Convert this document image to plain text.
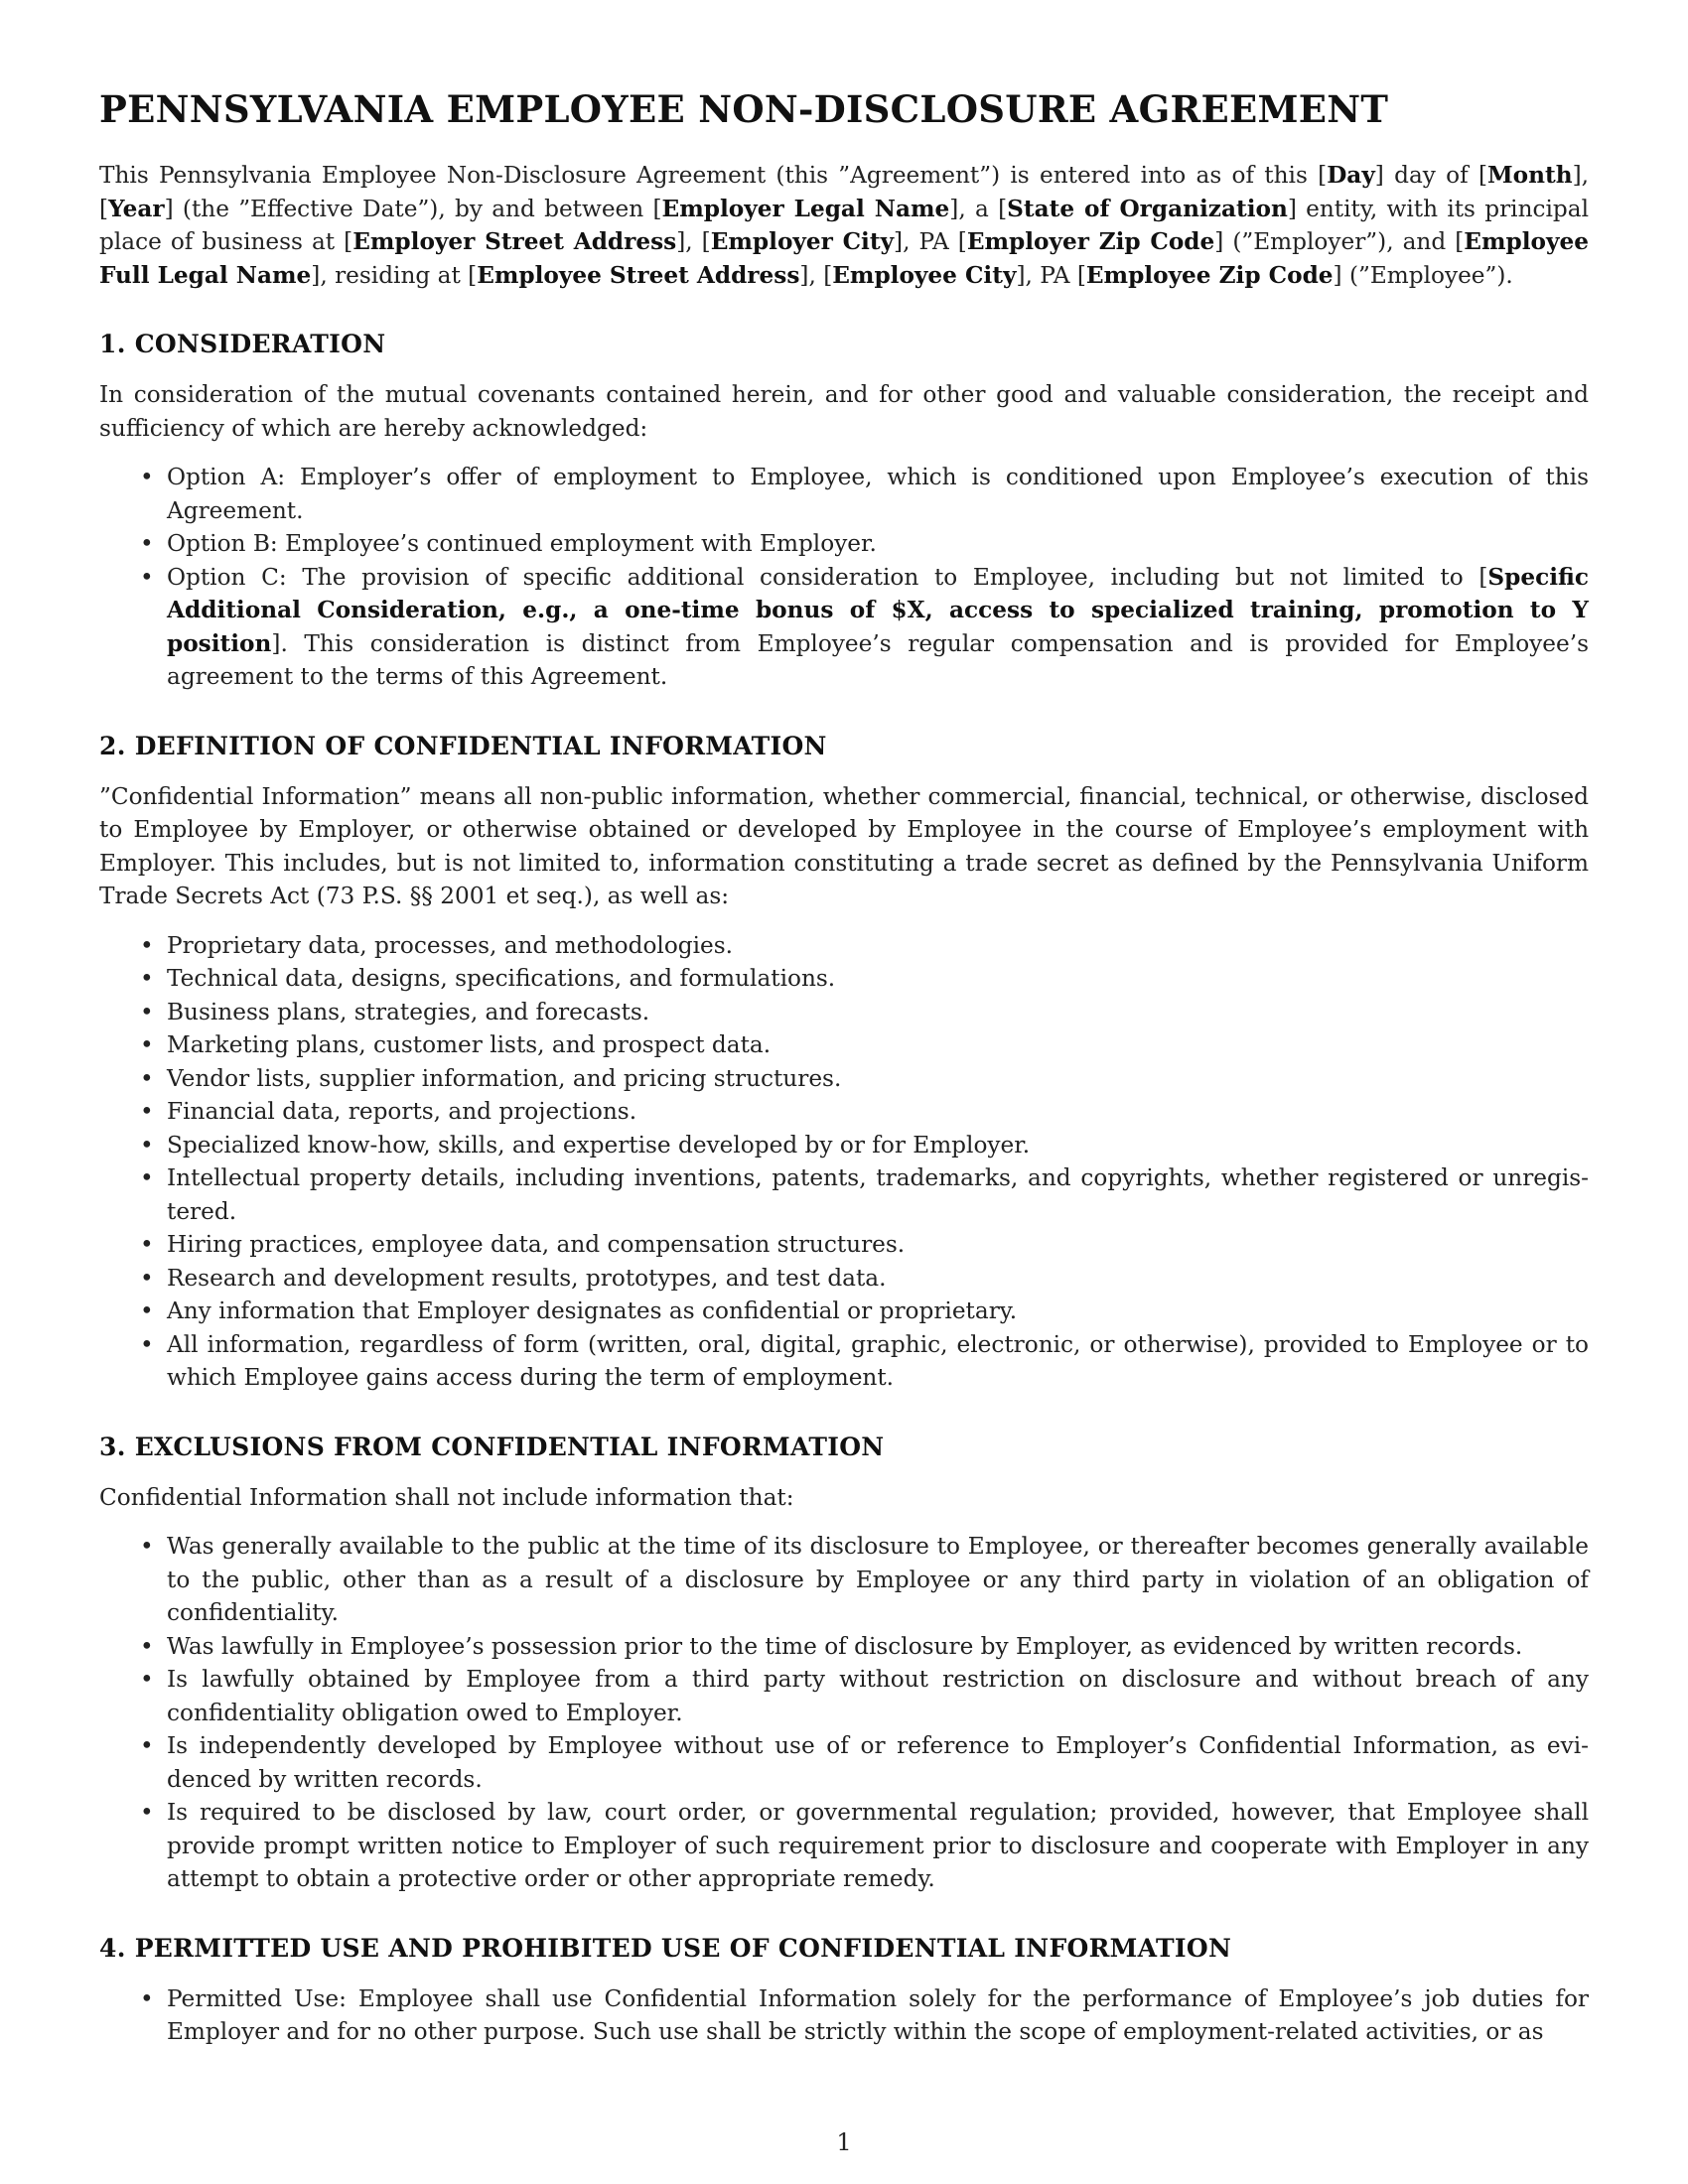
PENNSYLVANIA EMPLOYEE NON-DISCLOSURE AGREEMENT

This Pennsylvania Employee Non-Disclosure Agreement (this ”Agreement”) is entered into as of this [Day] day of [Month], [Year] (the ”Effective Date”), by and between [Employer Legal Name], a [State of Organization] entity, with its principal place of business at [Employer Street Address], [Employer City], PA [Employer Zip Code] (”Employer”), and [Employee Full Legal Name], residing at [Employee Street Address], [Employee City], PA [Employee Zip Code] (”Employee”).

1. CONSIDERATION

In consideration of the mutual covenants contained herein, and for other good and valuable consideration, the receipt and sufficiency of which are hereby acknowledged:

• Option A: Employer’s offer of employment to Employee, which is conditioned upon Employee’s execution of this Agreement.
• Option B: Employee’s continued employment with Employer.
• Option C: The provision of specific additional consideration to Employee, including but not limited to [Specific Additional Consideration, e.g., a one-time bonus of $X, access to specialized training, promotion to Y position]. This consideration is distinct from Employee’s regular compensation and is provided for Employee’s agreement to the terms of this Agreement.
2. DEFINITION OF CONFIDENTIAL INFORMATION

”Confidential Information” means all non-public information, whether commercial, financial, technical, or otherwise, disclosed to Employee by Employer, or otherwise obtained or developed by Employee in the course of Employee’s employment with Employer. This includes, but is not limited to, information constituting a trade secret as defined by the Pennsylvania Uniform Trade Secrets Act (73 P.S. §§ 2001 et seq.), as well as:

• Proprietary data, processes, and methodologies.
• Technical data, designs, specifications, and formulations.
• Business plans, strategies, and forecasts.
• Marketing plans, customer lists, and prospect data.
• Vendor lists, supplier information, and pricing structures.
• Financial data, reports, and projections.
• Specialized know-how, skills, and expertise developed by or for Employer.
• Intellectual property details, including inventions, patents, trademarks, and copyrights, whether registered or unregis-tered.
• Hiring practices, employee data, and compensation structures.
• Research and development results, prototypes, and test data.
• Any information that Employer designates as confidential or proprietary.
• All information, regardless of form (written, oral, digital, graphic, electronic, or otherwise), provided to Employee or to which Employee gains access during the term of employment.
3. EXCLUSIONS FROM CONFIDENTIAL INFORMATION

Confidential Information shall not include information that:

• Was generally available to the public at the time of its disclosure to Employee, or thereafter becomes generally available to the public, other than as a result of a disclosure by Employee or any third party in violation of an obligation of confidentiality.
• Was lawfully in Employee’s possession prior to the time of disclosure by Employer, as evidenced by written records.
• Is lawfully obtained by Employee from a third party without restriction on disclosure and without breach of any confidentiality obligation owed to Employer.
• Is independently developed by Employee without use of or reference to Employer’s Confidential Information, as evi-denced by written records.
• Is required to be disclosed by law, court order, or governmental regulation; provided, however, that Employee shall provide prompt written notice to Employer of such requirement prior to disclosure and cooperate with Employer in any attempt to obtain a protective order or other appropriate remedy.
4. PERMITTED USE AND PROHIBITED USE OF CONFIDENTIAL INFORMATION
• Permitted Use: Employee shall use Confidential Information solely for the performance of Employee’s job duties for Employer and for no other purpose. Such use shall be strictly within the scope of employment-related activities, or as
1
